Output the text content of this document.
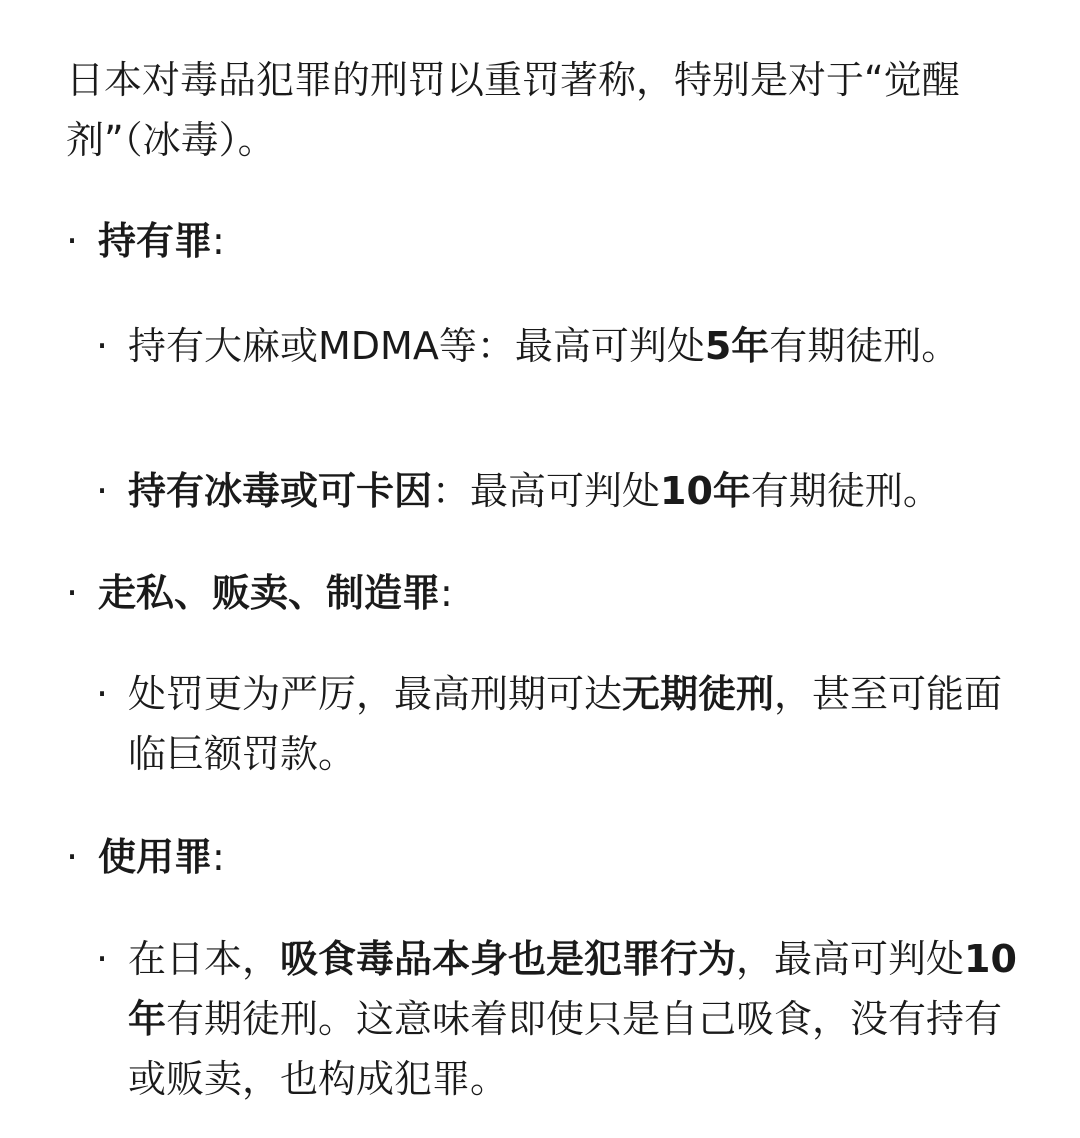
日本对毒品犯罪的刑罚以重罚著称，特别是对于“觉醒剂”（冰毒）。

· 持有罪:

· 持有大麻或MDMA等：最高可判处5年有期徒刑。

· 持有冰毒或可卡因：最高可判处10年有期徒刑。

· 走私、贩卖、制造罪:

· 处罚更为严厉，最高刑期可达无期徒刑，甚至可能面临巨额罚款。

· 使用罪:

· 在日本，吸食毒品本身也是犯罪行为，最高可判处10年有期徒刑。这意味着即使只是自己吸食，没有持有或贩卖，也构成犯罪。
